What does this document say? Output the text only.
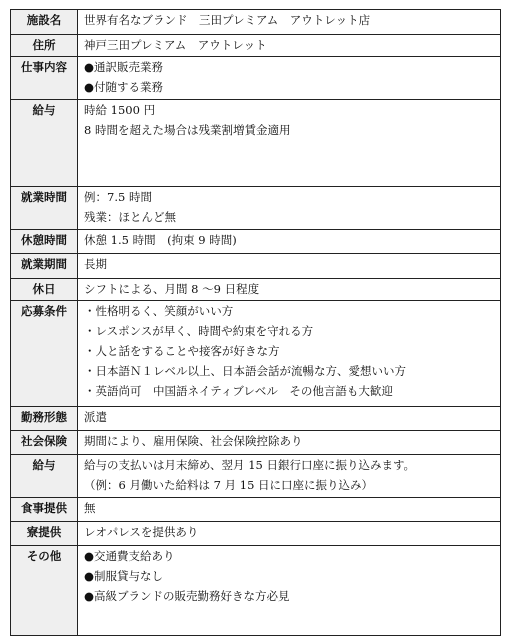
施設名	世界有名なブランド　三田プレミアム　アウトレット店

住所	神戸三田プレミアム　アウトレット

仕事内容	●通訳販売業務
●付随する業務

給与	時給 1500 円
8 時間を超えた場合は残業割増賃金適用

就業時間	例：7.5 時間
残業：ほとんど無

休憩時間	休憩 1.5 時間　(拘束 9 時間)

就業期間	長期

休日	シフトによる、月間 8 〜9 日程度

応募条件	・性格明るく、笑顔がいい方
・レスポンスが早く、時間や約束を守れる方
・人と話をすることや接客が好きな方
・日本語Ｎ１レベル以上、日本語会話が流暢な方、愛想いい方
・英語尚可　中国語ネイティブレベル　その他言語も大歓迎

勤務形態	派遣

社会保険	期間により、雇用保険、社会保険控除あり

給与	給与の支払いは月末締め、翌月 15 日銀行口座に振り込みます。
（例：6 月働いた給料は 7 月 15 日に口座に振り込み）

食事提供	無

寮提供	レオパレスを提供あり

その他	●交通費支給あり
●制服貸与なし
●高級ブランドの販売勤務好きな方必見
